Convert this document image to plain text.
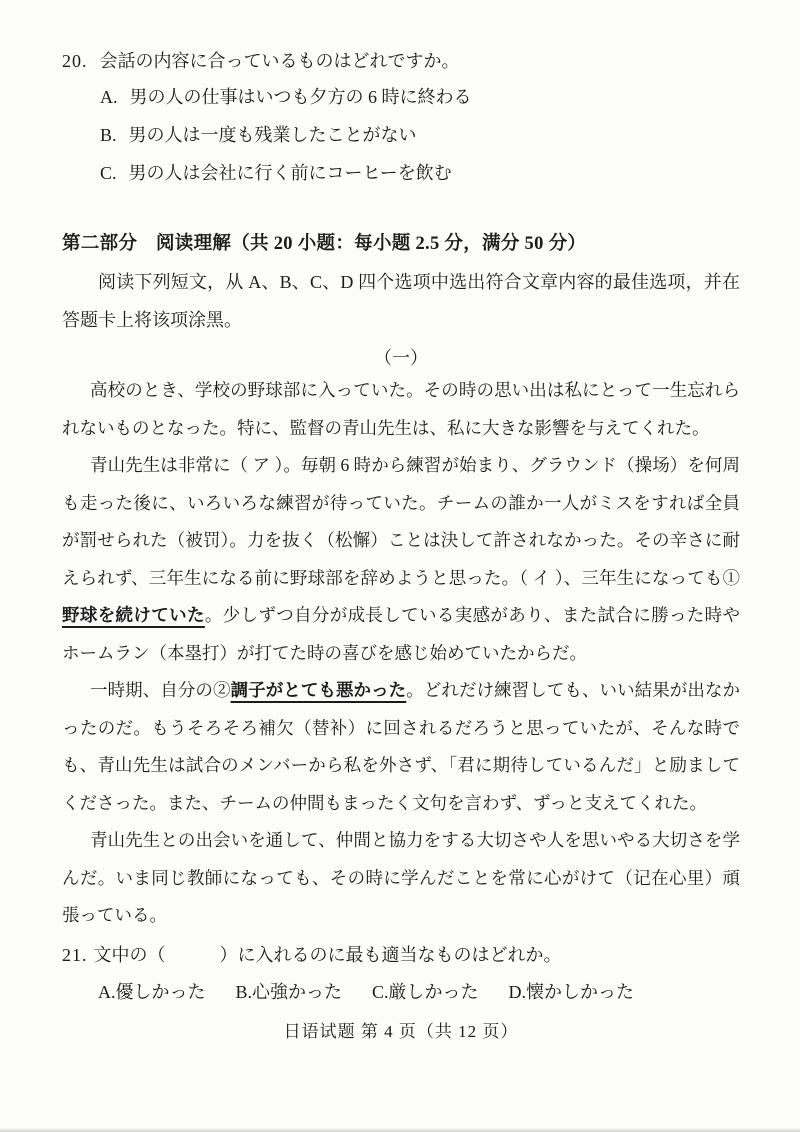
20. 会話の内容に合っているものはどれですか。
A. 男の人の仕事はいつも夕方の 6 時に終わる
B. 男の人は一度も残業したことがない
C. 男の人は会社に行く前にコーヒーを飲む
第二部分　阅读理解（共 20 小题：每小题 2.5 分，满分 50 分）
阅读下列短文，从 A、B、C、D 四个选项中选出符合文章内容的最佳选项，并在答题卡上将该项涂黑。
（一）

高校のとき、学校の野球部に入っていた。その時の思い出は私にとって一生忘れられないものとなった。特に、監督の青山先生は、私に大きな影響を与えてくれた。

青山先生は非常に（ ア ）。毎朝 6 時から練習が始まり、グラウンド（操场）を何周も走った後に、いろいろな練習が待っていた。チームの誰か一人がミスをすれば全員が罰せられた（被罚）。力を抜く（松懈）ことは決して許されなかった。その辛さに耐えられず、三年生になる前に野球部を辞めようと思った。（ イ ）、三年生になっても①野球を続けていた。少しずつ自分が成長している実感があり、また試合に勝った時やホームラン（本塁打）が打てた時の喜びを感じ始めていたからだ。

一時期、自分の②調子がとても悪かった。どれだけ練習しても、いい結果が出なかったのだ。もうそろそろ補欠（替补）に回されるだろうと思っていたが、そんな時でも、青山先生は試合のメンバーから私を外さず、「君に期待しているんだ」と励ましてくださった。また、チームの仲間もまったく文句を言わず、ずっと支えてくれた。

青山先生との出会いを通して、仲間と協力をする大切さや人を思いやる大切さを学んだ。いま同じ教師になっても、その時に学んだことを常に心がけて（记在心里）頑張っている。

21. 文中の（　　　）に入れるのに最も適当なものはどれか。
A.優しかった B.心強かった C.厳しかった D.懐かしかった
日语试题 第 4 页（共 12 页）
